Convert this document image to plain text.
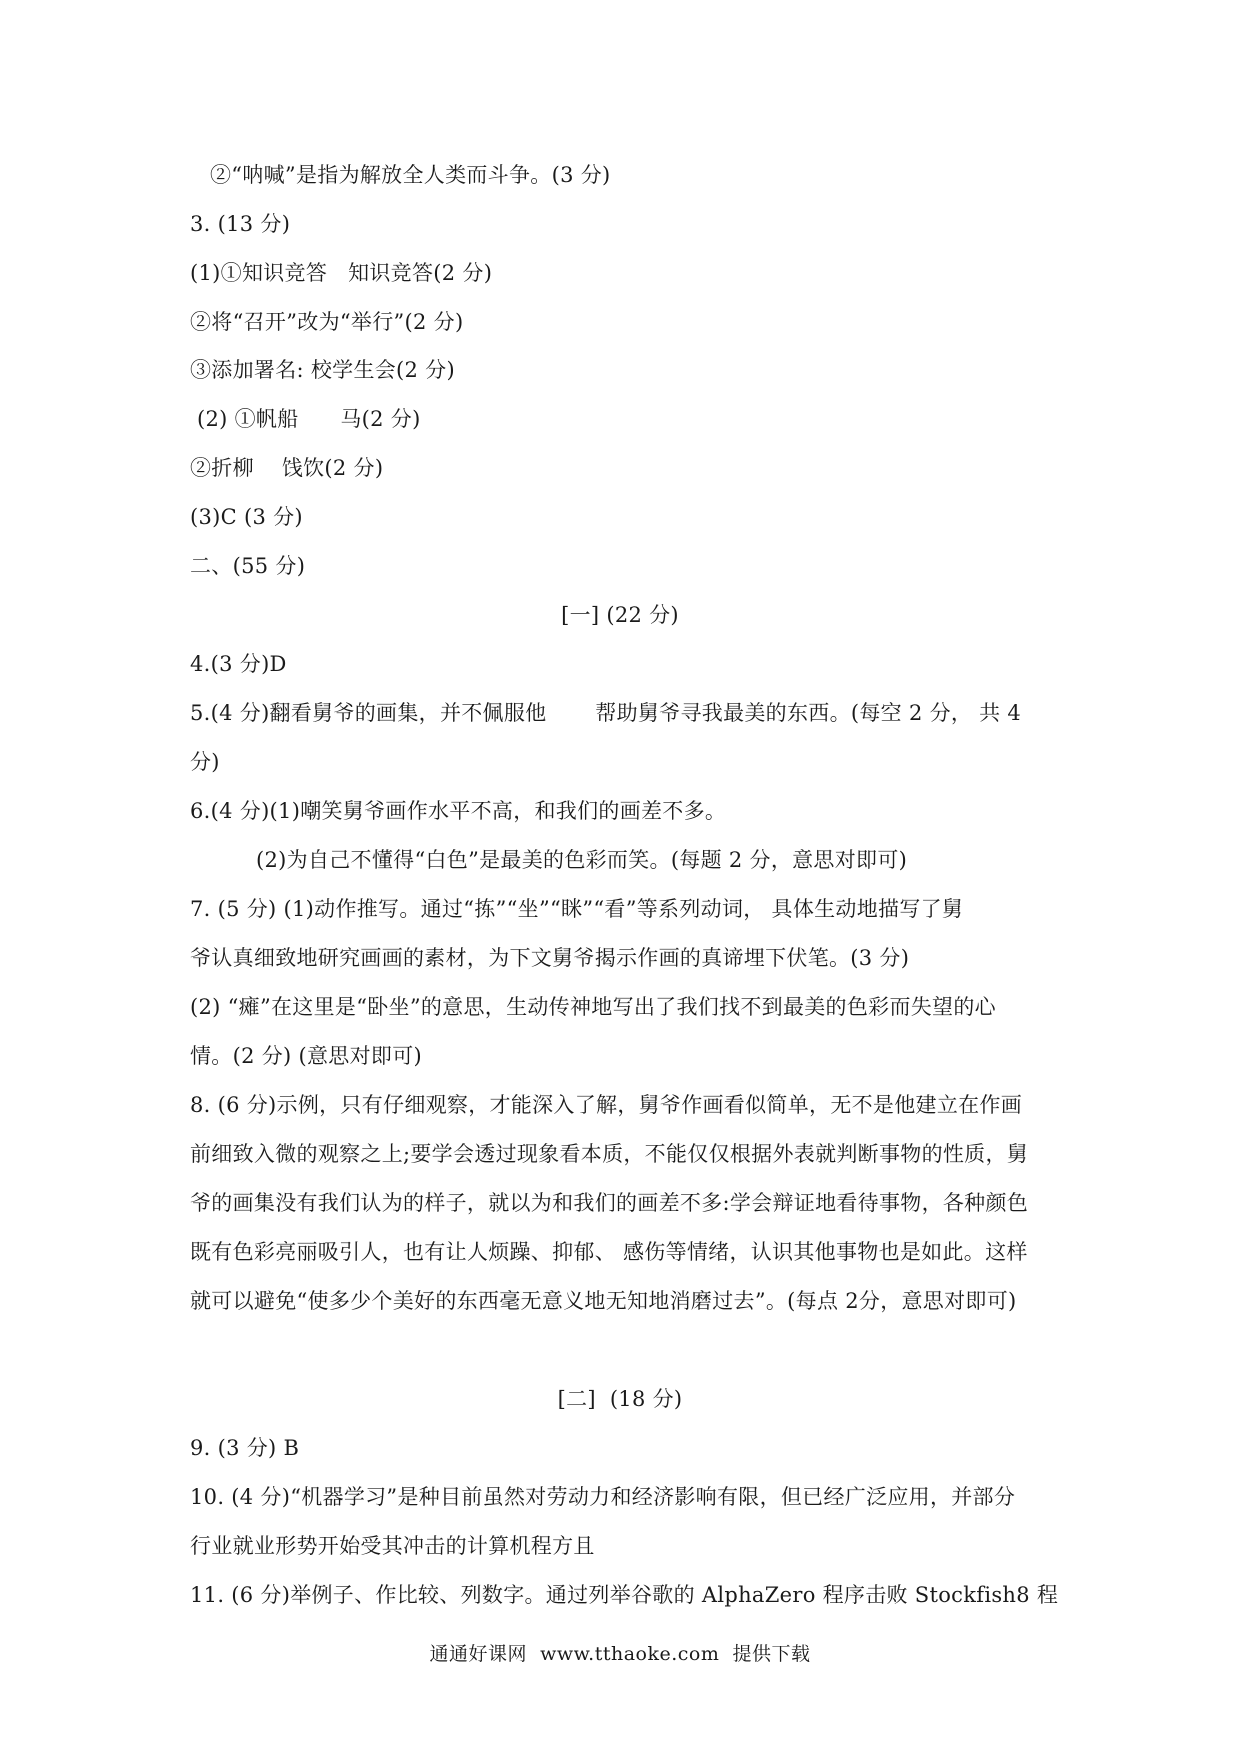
②“呐喊”是指为解放全人类而斗争。(3 分)
3. (13 分)
(1)①知识竞答   知识竞答(2 分)
②将“召开”改为“举行”(2 分)
③添加署名: 校学生会(2 分)
(2) ①帆船      马(2 分)
②折柳    饯饮(2 分)
(3)C (3 分)
二、(55 分)
[一] (22 分)
4.(3 分)D
5.(4 分)翻看舅爷的画集，并不佩服他       帮助舅爷寻我最美的东西。(每空 2 分， 共 4
分)
6.(4 分)(1)嘲笑舅爷画作水平不高，和我们的画差不多。
(2)为自己不懂得“白色”是最美的色彩而笑。(每题 2 分，意思对即可)
7. (5 分) (1)动作推写。通过“拣”“坐”“眯”“看”等系列动词， 具体生动地描写了舅
爷认真细致地研究画画的素材，为下文舅爷揭示作画的真谛埋下伏笔。(3 分)
(2) “瘫”在这里是“卧坐”的意思，生动传神地写出了我们找不到最美的色彩而失望的心
情。(2 分) (意思对即可)
8. (6 分)示例，只有仔细观察，才能深入了解，舅爷作画看似简单，无不是他建立在作画
前细致入微的观察之上;要学会透过现象看本质，不能仅仅根据外表就判断事物的性质，舅
爷的画集没有我们认为的样子，就以为和我们的画差不多:学会辩证地看待事物，各种颜色
既有色彩亮丽吸引人，也有让人烦躁、抑郁、 感伤等情绪，认识其他事物也是如此。这样
就可以避免“使多少个美好的东西毫无意义地无知地消磨过去”。(每点 2分，意思对即可)
[二]  (18 分)
9. (3 分) B
10. (4 分)“机器学习”是种目前虽然对劳动力和经济影响有限，但已经广泛应用，并部分
行业就业形势开始受其冲击的计算机程方且
11. (6 分)举例子、作比较、列数字。通过列举谷歌的 AlphaZero 程序击败 Stockfish8 程
通通好课网  www.tthaoke.com  提供下载
